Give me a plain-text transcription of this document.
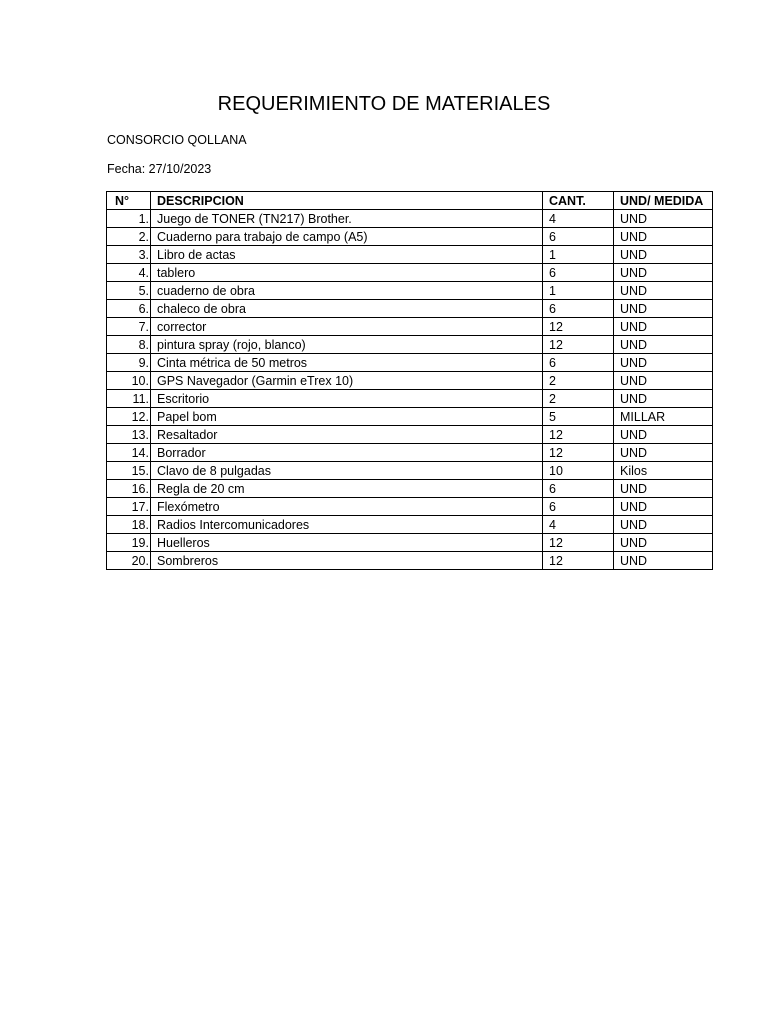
REQUERIMIENTO DE MATERIALES
CONSORCIO QOLLANA
Fecha: 27/10/2023
N°	DESCRIPCION	CANT.	UND/ MEDIDA
1.	Juego de TONER (TN217) Brother.	4	UND
2.	Cuaderno para trabajo de campo (A5)	6	UND
3.	Libro de actas	1	UND
4.	tablero	6	UND
5.	cuaderno de obra	1	UND
6.	chaleco de obra	6	UND
7.	corrector	12	UND
8.	pintura spray (rojo, blanco)	12	UND
9.	Cinta métrica de 50 metros	6	UND
10.	GPS Navegador (Garmin eTrex 10)	2	UND
11.	Escritorio	2	UND
12.	Papel bom	5	MILLAR
13.	Resaltador	12	UND
14.	Borrador	12	UND
15.	Clavo de 8 pulgadas	10	Kilos
16.	Regla de 20 cm	6	UND
17.	Flexómetro	6	UND
18.	Radios Intercomunicadores	4	UND
19.	Huelleros	12	UND
20.	Sombreros	12	UND
